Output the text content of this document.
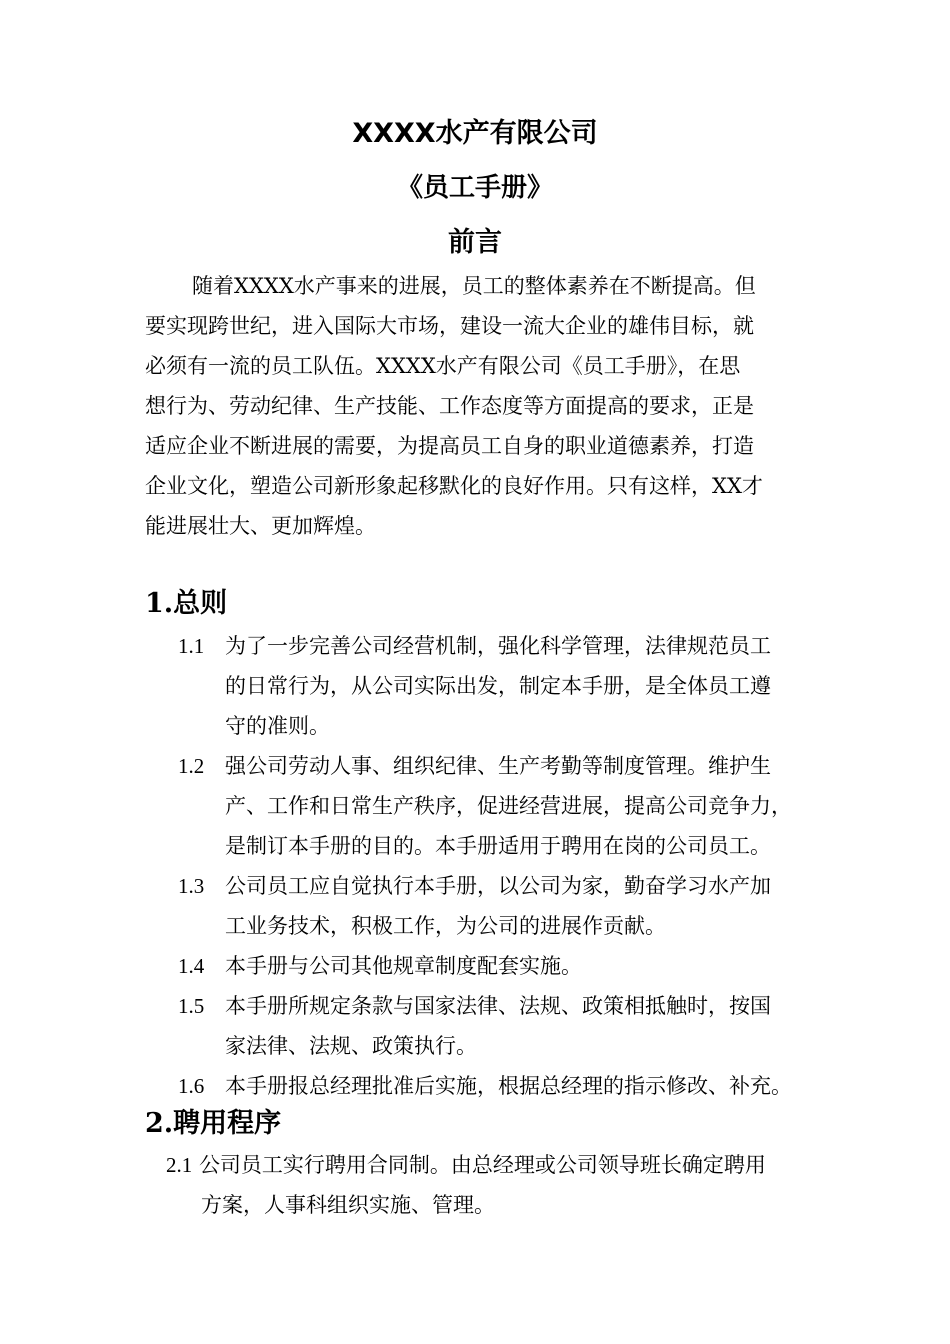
XXXX水产有限公司
《员工手册》
前言
随着XXXX水产事来的进展，员工的整体素养在不断提高。但
要实现跨世纪，进入国际大市场，建设一流大企业的雄伟目标，就
必须有一流的员工队伍。XXXX水产有限公司《员工手册》，在思
想行为、劳动纪律、生产技能、工作态度等方面提高的要求，正是
适应企业不断进展的需要，为提高员工自身的职业道德素养，打造
企业文化，塑造公司新形象起移默化的良好作用。只有这样，XX才
能进展壮大、更加辉煌。
1.总则
1.1 为了一步完善公司经营机制，强化科学管理，法律规范员工
的日常行为，从公司实际出发，制定本手册，是全体员工遵
守的准则。
1.2 强公司劳动人事、组织纪律、生产考勤等制度管理。维护生
产、工作和日常生产秩序，促进经营进展，提高公司竞争力，
是制订本手册的目的。本手册适用于聘用在岗的公司员工。
1.3 公司员工应自觉执行本手册，以公司为家，勤奋学习水产加
工业务技术，积极工作，为公司的进展作贡献。
1.4 本手册与公司其他规章制度配套实施。
1.5 本手册所规定条款与国家法律、法规、政策相抵触时，按国
家法律、法规、政策执行。
1.6 本手册报总经理批准后实施，根据总经理的指示修改、补充。
2.聘用程序
2.1 公司员工实行聘用合同制。由总经理或公司领导班长确定聘用
方案，人事科组织实施、管理。
